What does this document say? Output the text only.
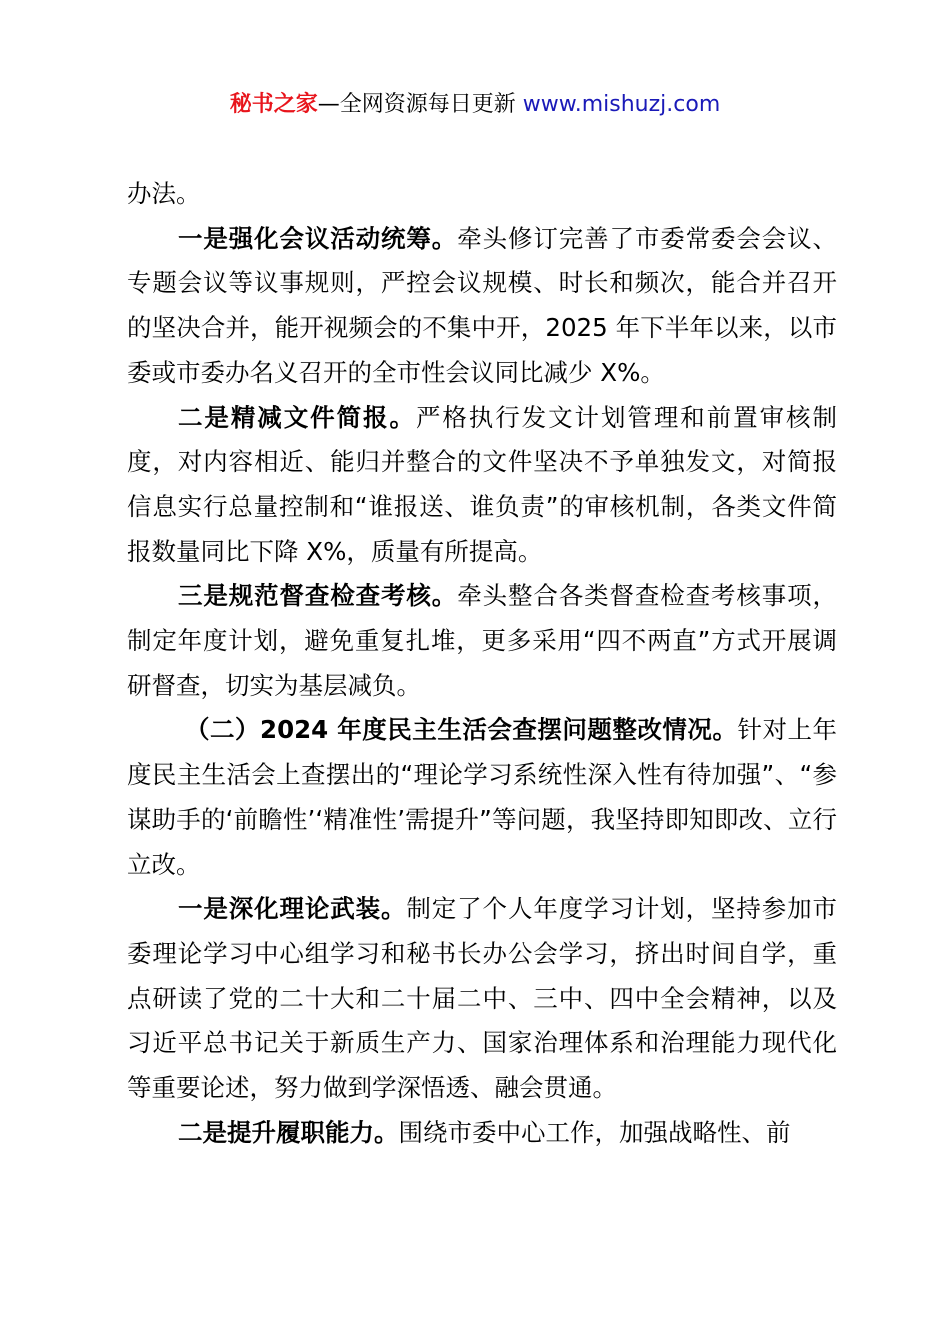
秘书之家—全网资源每日更新 www.mishuzj.com

办法。

一是强化会议活动统筹。牵头修订完善了市委常委会会议、专题会议等议事规则，严控会议规模、时长和频次，能合并召开的坚决合并，能开视频会的不集中开，2025 年下半年以来，以市委或市委办名义召开的全市性会议同比减少 X%。

二是精减文件简报。严格执行发文计划管理和前置审核制度，对内容相近、能归并整合的文件坚决不予单独发文，对简报信息实行总量控制和“谁报送、谁负责”的审核机制，各类文件简报数量同比下降 X%，质量有所提高。

三是规范督查检查考核。牵头整合各类督查检查考核事项，制定年度计划，避免重复扎堆，更多采用“四不两直”方式开展调研督查，切实为基层减负。

（二）2024 年度民主生活会查摆问题整改情况。针对上年度民主生活会上查摆出的“理论学习系统性深入性有待加强”、“参谋助手的‘前瞻性’‘精准性’需提升”等问题，我坚持即知即改、立行立改。

一是深化理论武装。制定了个人年度学习计划，坚持参加市委理论学习中心组学习和秘书长办公会学习，挤出时间自学，重点研读了党的二十大和二十届二中、三中、四中全会精神，以及习近平总书记关于新质生产力、国家治理体系和治理能力现代化等重要论述，努力做到学深悟透、融会贯通。

二是提升履职能力。围绕市委中心工作，加强战略性、前
